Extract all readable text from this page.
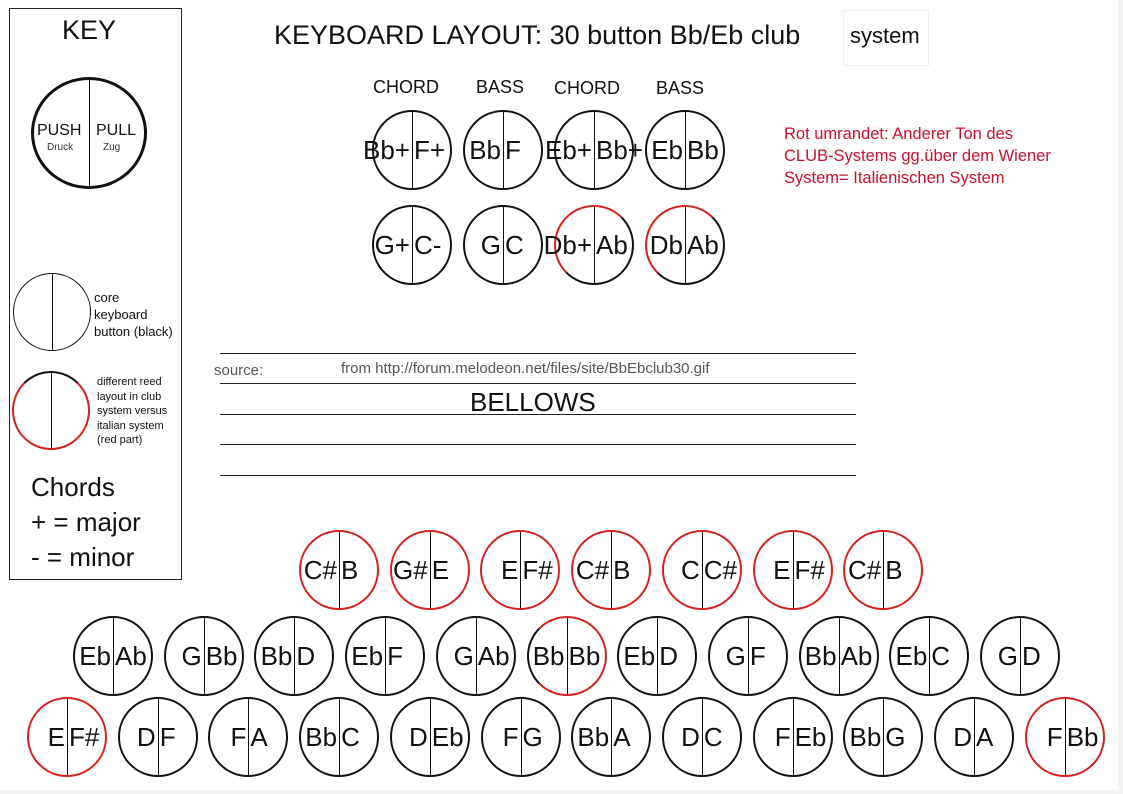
KEY
PUSH
Druck
PULL
Zug
core
keyboard
button (black)
different reed
layout in club
system versus
italian system
(red part)
Chords
+ = major
- = minor
KEYBOARD LAYOUT: 30 button Bb/Eb club system
CHORD BASS CHORD BASS
Rot umrandet: Anderer Ton des
CLUB-Systems gg.über dem Wiener
System= Italienischen System
Bb+ F+ Bb F Eb+ Bb+ Eb Bb
G+ C- G C Db+ Ab Db Ab
source:	from http://forum.melodeon.net/files/site/BbEbclub30.gif
BELLOWS
C# B G# E E F# C# B C C# E F# C# B
Eb Ab G Bb Bb D Eb F G Ab Bb Bb Eb D G F Bb Ab Eb C G D
E F# D F F A Bb C D Eb F G Bb A D C F Eb Bb G D A F Bb
